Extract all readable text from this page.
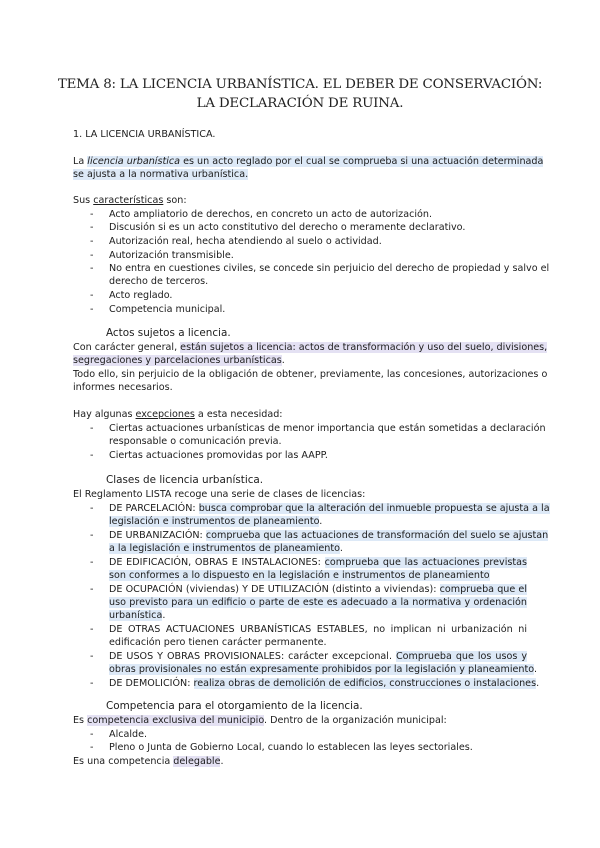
TEMA 8: LA LICENCIA URBANÍSTICA. EL DEBER DE CONSERVACIÓN:
LA DECLARACIÓN DE RUINA.
1. LA LICENCIA URBANÍSTICA.
La licencia urbanística es un acto reglado por el cual se comprueba si una actuación determinada
se ajusta a la normativa urbanística.
Sus características son:
- Acto ampliatorio de derechos, en concreto un acto de autorización.
- Discusión si es un acto constitutivo del derecho o meramente declarativo.
- Autorización real, hecha atendiendo al suelo o actividad.
- Autorización transmisible.
- No entra en cuestiones civiles, se concede sin perjuicio del derecho de propiedad y salvo el
derecho de terceros.
- Acto reglado.
- Competencia municipal.
Actos sujetos a licencia.
Con carácter general, están sujetos a licencia: actos de transformación y uso del suelo, divisiones,
segregaciones y parcelaciones urbanísticas.
Todo ello, sin perjuicio de la obligación de obtener, previamente, las concesiones, autorizaciones o
informes necesarios.
Hay algunas excepciones a esta necesidad:
- Ciertas actuaciones urbanísticas de menor importancia que están sometidas a declaración
responsable o comunicación previa.
- Ciertas actuaciones promovidas por las AAPP.
Clases de licencia urbanística.
El Reglamento LISTA recoge una serie de clases de licencias:
- DE PARCELACIÓN: busca comprobar que la alteración del inmueble propuesta se ajusta a la
legislación e instrumentos de planeamiento.
- DE URBANIZACIÓN: comprueba que las actuaciones de transformación del suelo se ajustan
a la legislación e instrumentos de planeamiento.
- DE EDIFICACIÓN, OBRAS E INSTALACIONES: comprueba que las actuaciones previstas
son conformes a lo dispuesto en la legislación e instrumentos de planeamiento
- DE OCUPACIÓN (viviendas) Y DE UTILIZACIÓN (distinto a viviendas): comprueba que el
uso previsto para un edificio o parte de este es adecuado a la normativa y ordenación
urbanística.
- DE OTRAS ACTUACIONES URBANÍSTICAS ESTABLES, no implican ni urbanización ni
edificación pero tienen carácter permanente.
- DE USOS Y OBRAS PROVISIONALES: carácter excepcional. Comprueba que los usos y
obras provisionales no están expresamente prohibidos por la legislación y planeamiento.
- DE DEMOLICIÓN: realiza obras de demolición de edificios, construcciones o instalaciones.
Competencia para el otorgamiento de la licencia.
Es competencia exclusiva del municipio. Dentro de la organización municipal:
- Alcalde.
- Pleno o Junta de Gobierno Local, cuando lo establecen las leyes sectoriales.
Es una competencia delegable.
